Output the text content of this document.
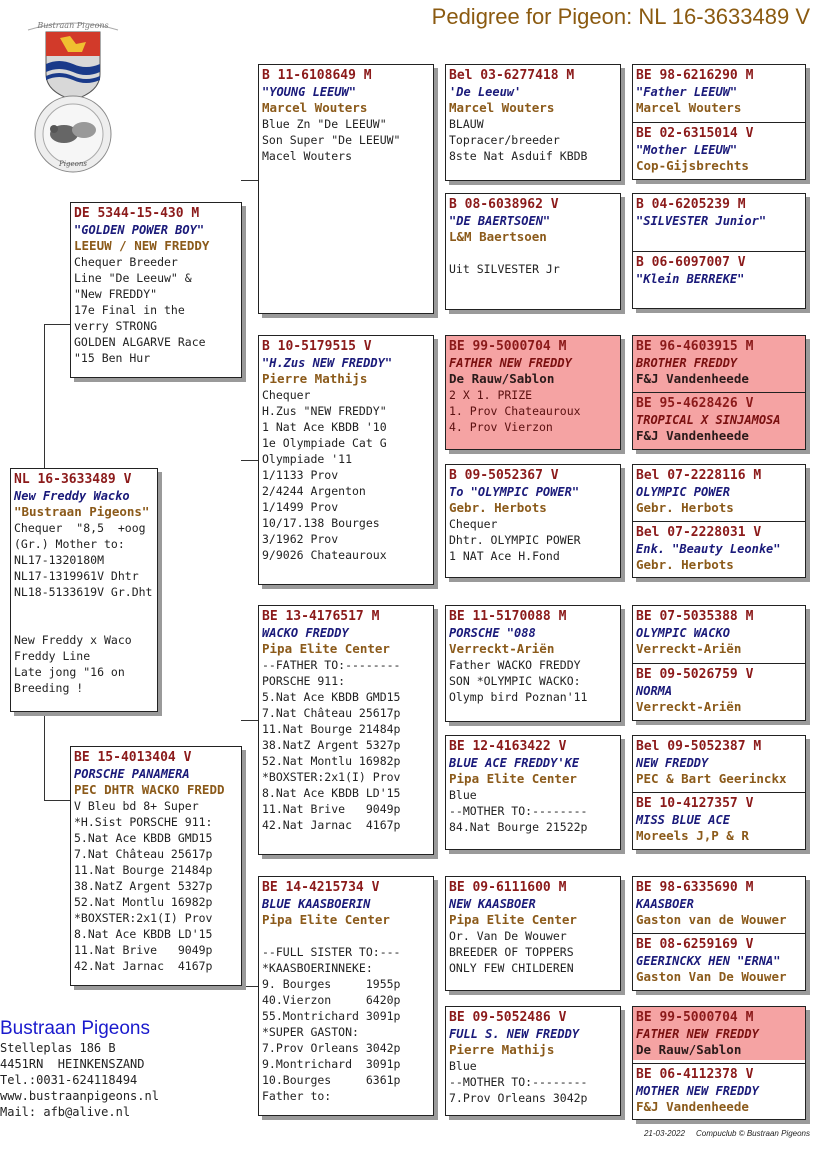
Pedigree for Pigeon: NL 16-3633489 V
Bustraan Pigeons
Pigeons
NL 16-3633489 V
New Freddy Wacko
"Bustraan Pigeons"
Chequer  "8,5  +oog
(Gr.) Mother to:
NL17-1320180M
NL17-1319961V Dhtr
NL18-5133619V Gr.Dht

New Freddy x Waco
Freddy Line
Late jong "16 on
Breeding !
DE 5344-15-430 M
"GOLDEN POWER BOY"
LEEUW / NEW FREDDY
Chequer Breeder
Line "De Leeuw" &
"New FREDDY"
17e Final in the
verry STRONG
GOLDEN ALGARVE Race
"15 Ben Hur
BE 15-4013404 V
PORSCHE PANAMERA
PEC DHTR WACKO FREDD
V Bleu bd 8+ Super
*H.Sist PORSCHE 911:
5.Nat Ace KBDB GMD15
7.Nat Château 25617p
11.Nat Bourge 21484p
38.NatZ Argent 5327p
52.Nat Montlu 16982p
*BOXSTER:2x1(I) Prov
8.Nat Ace KBDB LD'15
11.Nat Brive   9049p
42.Nat Jarnac  4167p
B 11-6108649 M
"YOUNG LEEUW"
Marcel Wouters
Blue Zn "De LEEUW"
Son Super "De LEEUW"
Macel Wouters
B 10-5179515 V
"H.Zus NEW FREDDY"
Pierre Mathijs
Chequer
H.Zus "NEW FREDDY"
1 Nat Ace KBDB '10
1e Olympiade Cat G
Olympiade '11
1/1133 Prov
2/4244 Argenton
1/1499 Prov
10/17.138 Bourges
3/1962 Prov
9/9026 Chateauroux
BE 13-4176517 M
WACKO FREDDY
Pipa Elite Center
--FATHER TO:--------
PORSCHE 911:
5.Nat Ace KBDB GMD15
7.Nat Château 25617p
11.Nat Bourge 21484p
38.NatZ Argent 5327p
52.Nat Montlu 16982p
*BOXSTER:2x1(I) Prov
8.Nat Ace KBDB LD'15
11.Nat Brive   9049p
42.Nat Jarnac  4167p
BE 14-4215734 V
BLUE KAASBOERIN
Pipa Elite Center

--FULL SISTER TO:---
*KAASBOERINNEKE:
9. Bourges     1955p
40.Vierzon     6420p
55.Montrichard 3091p
*SUPER GASTON:
7.Prov Orleans 3042p
9.Montrichard  3091p
10.Bourges     6361p
Father to:
Bel 03-6277418 M
'De Leeuw'
Marcel Wouters
BLAUW
Topracer/breeder
8ste Nat Asduif KBDB
B 08-6038962 V
"DE BAERTSOEN"
L&M Baertsoen

Uit SILVESTER Jr
BE 99-5000704 M
FATHER NEW FREDDY
De Rauw/Sablon
2 X 1. PRIZE
1. Prov Chateauroux
4. Prov Vierzon
B 09-5052367 V
To "OLYMPIC POWER"
Gebr. Herbots
Chequer
Dhtr. OLYMPIC POWER
1 NAT Ace H.Fond
BE 11-5170088 M
PORSCHE "088
Verreckt-Ariën
Father WACKO FREDDY
SON *OLYMPIC WACKO:
Olymp bird Poznan'11
BE 12-4163422 V
BLUE ACE FREDDY'KE
Pipa Elite Center
Blue
--MOTHER TO:--------
84.Nat Bourge 21522p
BE 09-6111600 M
NEW KAASBOER
Pipa Elite Center
Or. Van De Wouwer
BREEDER OF TOPPERS
ONLY FEW CHILDEREN
BE 09-5052486 V
FULL S. NEW FREDDY
Pierre Mathijs
Blue
--MOTHER TO:--------
7.Prov Orleans 3042p
BE 98-6216290 M
"Father LEEUW"
Marcel Wouters
BE 02-6315014 V
"Mother LEEUW"
Cop-Gijsbrechts
B 04-6205239 M
"SILVESTER Junior"
B 06-6097007 V
"Klein BERREKE"
BE 96-4603915 M
BROTHER FREDDY
F&J Vandenheede
BE 95-4628426 V
TROPICAL X SINJAMOSA
F&J Vandenheede
Bel 07-2228116 M
OLYMPIC POWER
Gebr. Herbots
Bel 07-2228031 V
Enk. "Beauty Leonke"
Gebr. Herbots
BE 07-5035388 M
OLYMPIC WACKO
Verreckt-Ariën
BE 09-5026759 V
NORMA
Verreckt-Ariën
Bel 09-5052387 M
NEW FREDDY
PEC & Bart Geerinckx
BE 10-4127357 V
MISS BLUE ACE
Moreels J,P & R
BE 98-6335690 M
KAASBOER
Gaston van de Wouwer
BE 08-6259169 V
GEERINCKX HEN "ERNA"
Gaston Van De Wouwer
BE 99-5000704 M
FATHER NEW FREDDY
De Rauw/Sablon
BE 06-4112378 V
MOTHER NEW FREDDY
F&J Vandenheede
Bustraan Pigeons
Stelleplas 186 B
4451RN  HEINKENSZAND
Tel.:0031-624118494
www.bustraanpigeons.nl
Mail: afb@alive.nl
21-03-2022 Compuclub © Bustraan Pigeons
